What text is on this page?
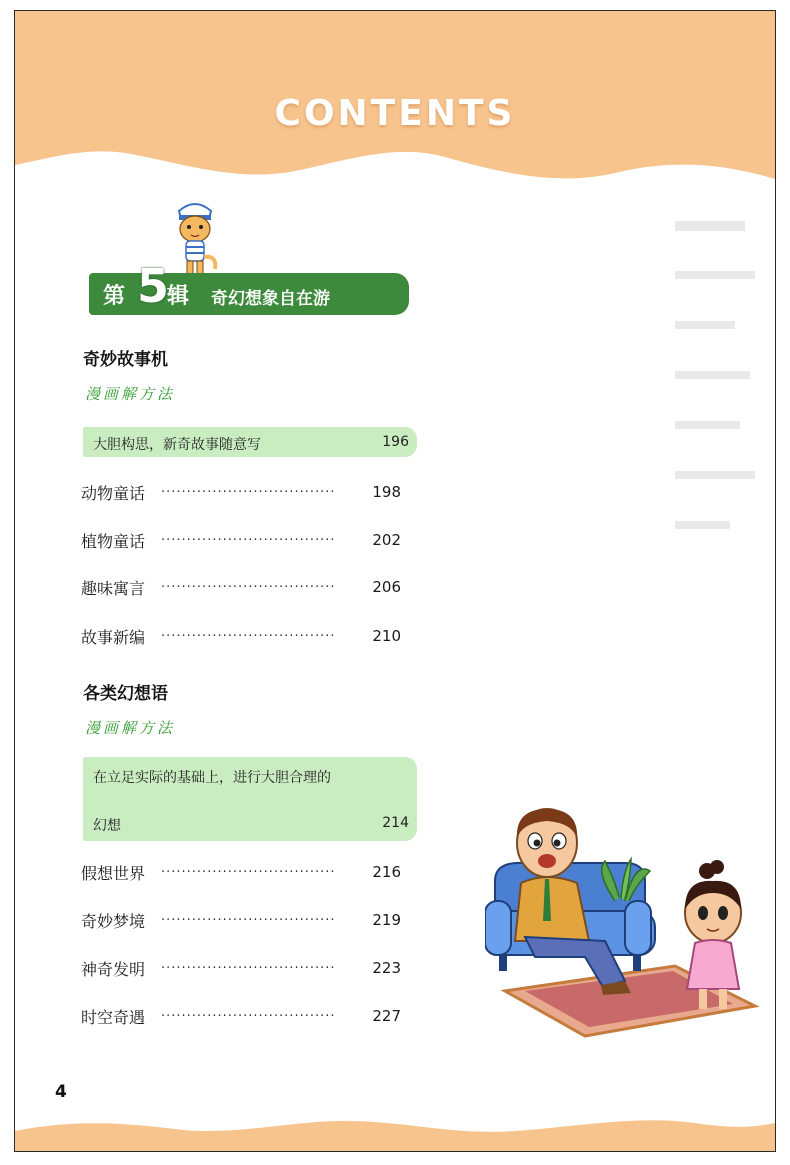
CONTENTS
第 5
辑 奇幻想象自在游
奇妙故事机
漫画解方法
大胆构思，新奇故事随意写	196
动物童话 ··································	198
植物童话 ··································	202
趣味寓言 ··································	206
故事新编 ··································	210
各类幻想语
漫画解方法
在立足实际的基础上，进行大胆合理的
幻想	214
假想世界 ··································	216
奇妙梦境 ··································	219
神奇发明 ··································	223
时空奇遇 ··································	227
4
